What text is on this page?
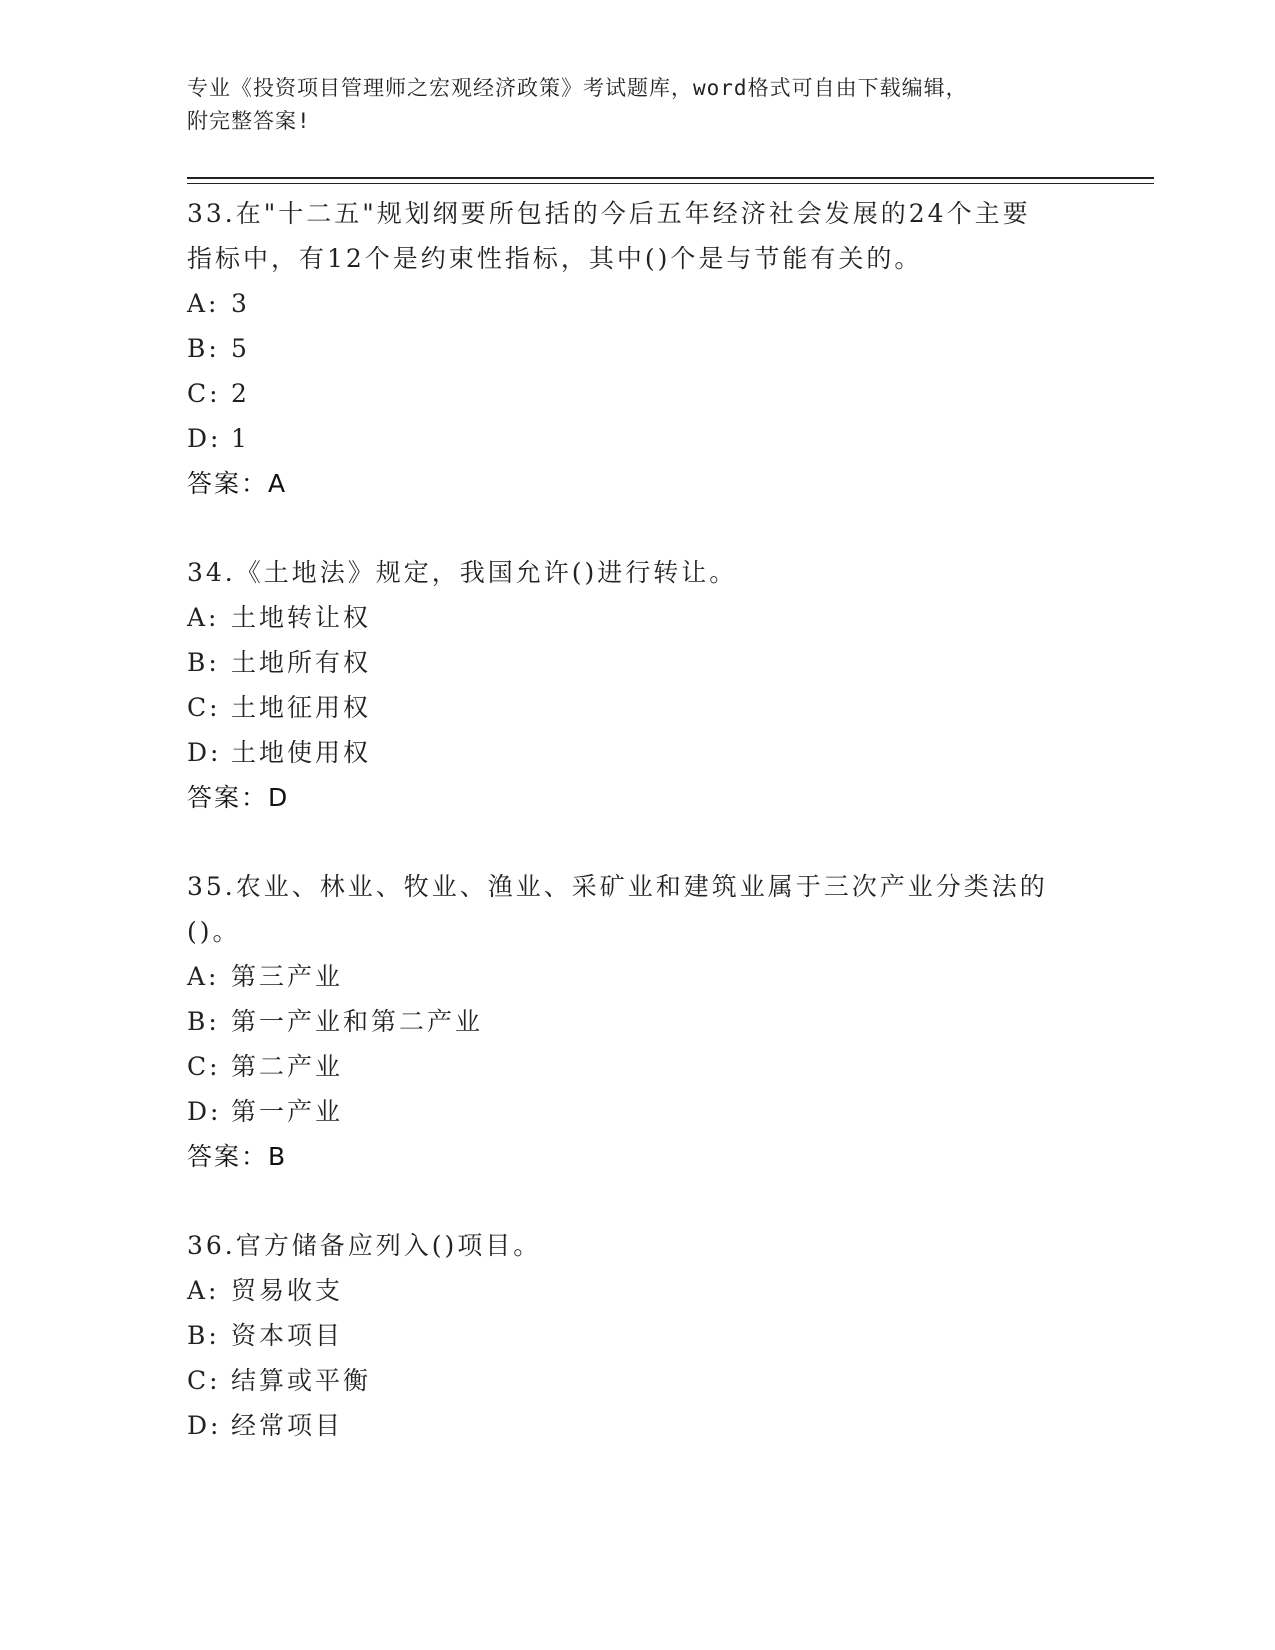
专业《投资项目管理师之宏观经济政策》考试题库，word格式可自由下载编辑，
附完整答案!

33.在"十二五"规划纲要所包括的今后五年经济社会发展的24个主要指标中，有12个是约束性指标，其中()个是与节能有关的。

A: 3
B: 5
C: 2
D: 1
答案：A

34.《土地法》规定，我国允许()进行转让。

A: 土地转让权
B: 土地所有权
C: 土地征用权
D: 土地使用权
答案：D

35.农业、林业、牧业、渔业、采矿业和建筑业属于三次产业分类法的()。

A: 第三产业
B: 第一产业和第二产业
C: 第二产业
D: 第一产业
答案：B

36.官方储备应列入()项目。

A: 贸易收支
B: 资本项目
C: 结算或平衡
D: 经常项目
